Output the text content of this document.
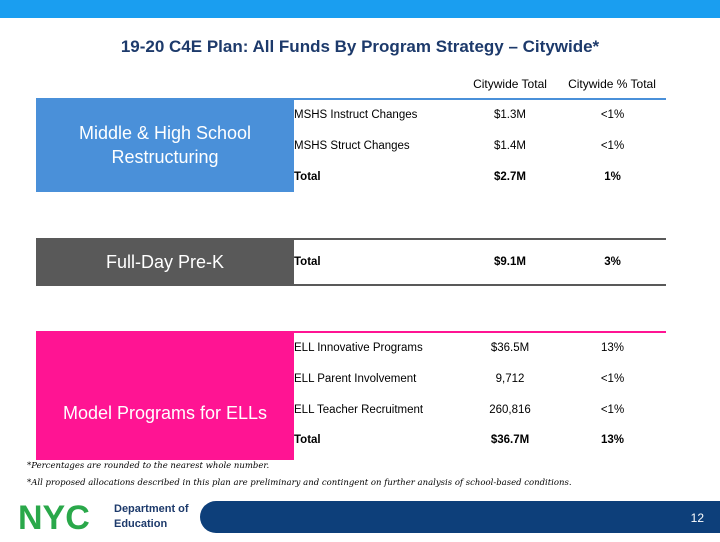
19-20 C4E Plan: All Funds By Program Strategy – Citywide*
Citywide Total	Citywide % Total
Middle & High School Restructuring
MSHS Instruct Changes	$1.3M	<1%
MSHS Struct Changes	$1.4M	<1%
Total	$2.7M	1%
Full-Day Pre-K	Total	$9.1M	3%
Model Programs for ELLs
ELL Innovative Programs	$36.5M	13%
ELL Parent Involvement	9,712	<1%
ELL Teacher Recruitment	260,816	<1%
Total	$36.7M	13%
*Percentages are rounded to the nearest whole number.
*All proposed allocations described in this plan are preliminary and contingent on further analysis of school-based conditions.
NYC Department of
Education	12
